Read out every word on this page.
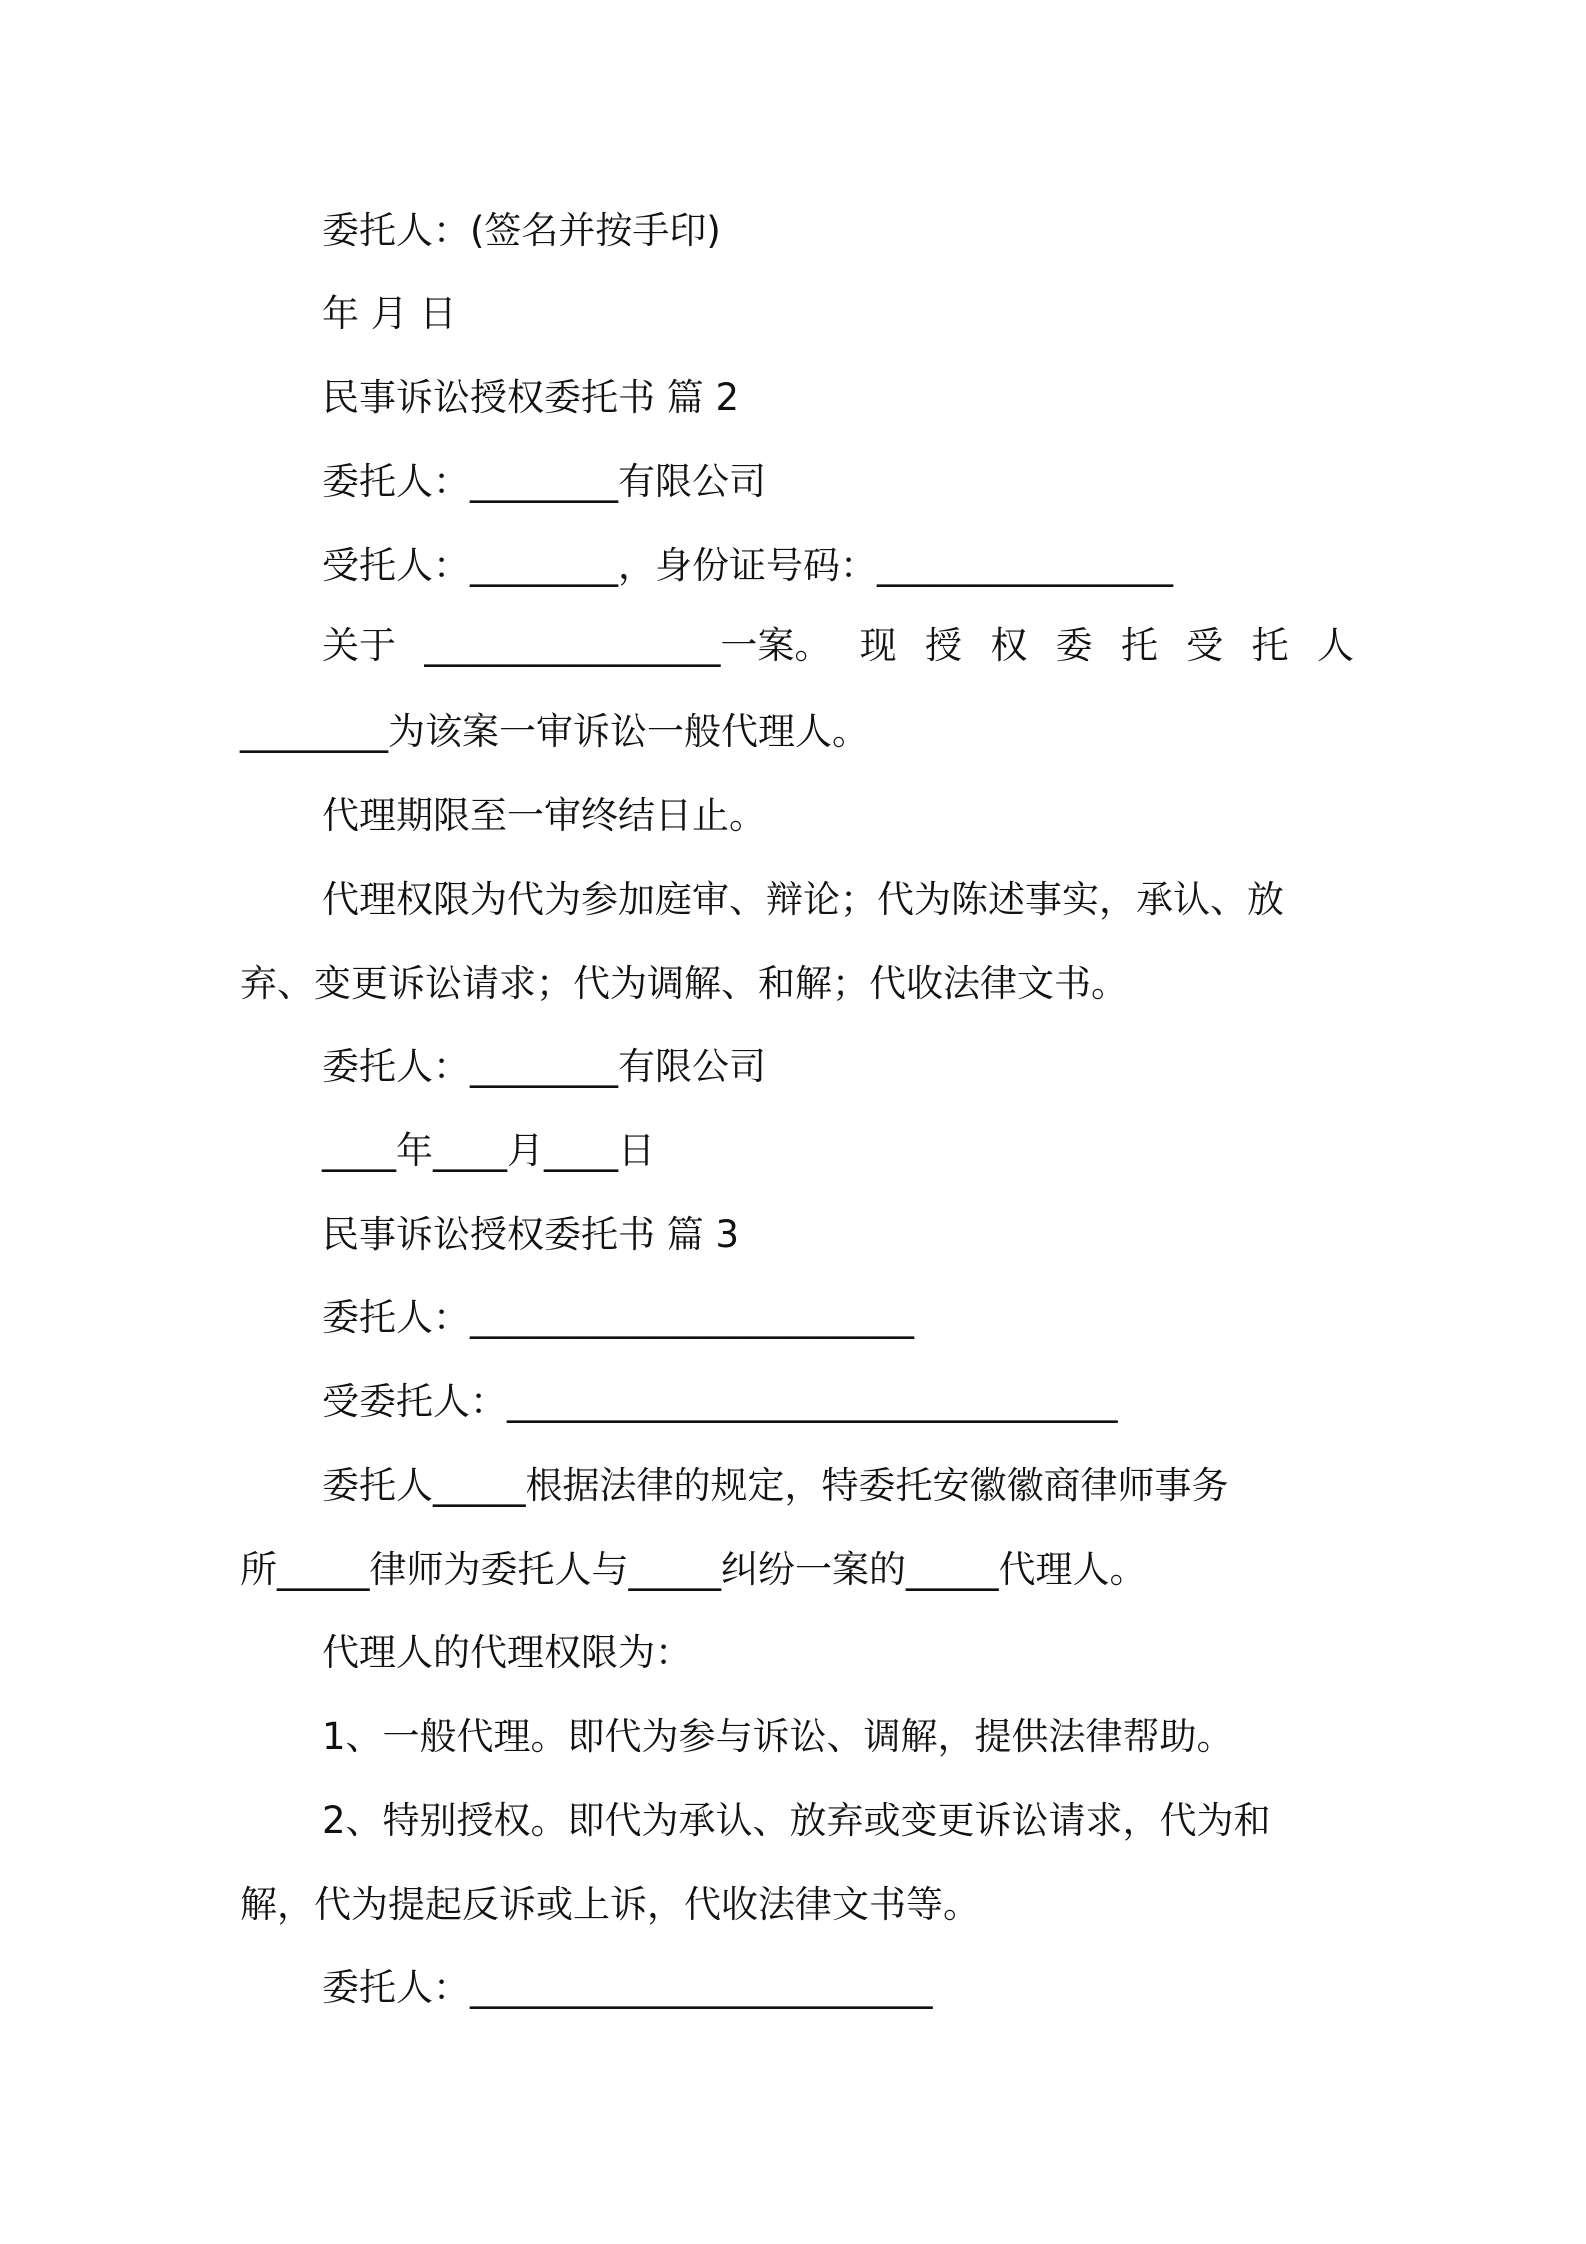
委托人：(签名并按手印)
年 月 日
民事诉讼授权委托书 篇 2
委托人：________有限公司
受托人：________，身份证号码：________________
关于 ________________一案。 现 授 权 委 托 受 托 人
________为该案一审诉讼一般代理人。
代理期限至一审终结日止。
代理权限为代为参加庭审、辩论；代为陈述事实，承认、放
弃、变更诉讼请求；代为调解、和解；代收法律文书。
委托人：________有限公司
____年____月____日
民事诉讼授权委托书 篇 3
委托人：________________________
受委托人：_________________________________
委托人_____根据法律的规定，特委托安徽徽商律师事务
所_____律师为委托人与_____纠纷一案的_____代理人。
代理人的代理权限为：
1、一般代理。即代为参与诉讼、调解，提供法律帮助。
2、特别授权。即代为承认、放弃或变更诉讼请求，代为和
解，代为提起反诉或上诉，代收法律文书等。
委托人：_________________________
